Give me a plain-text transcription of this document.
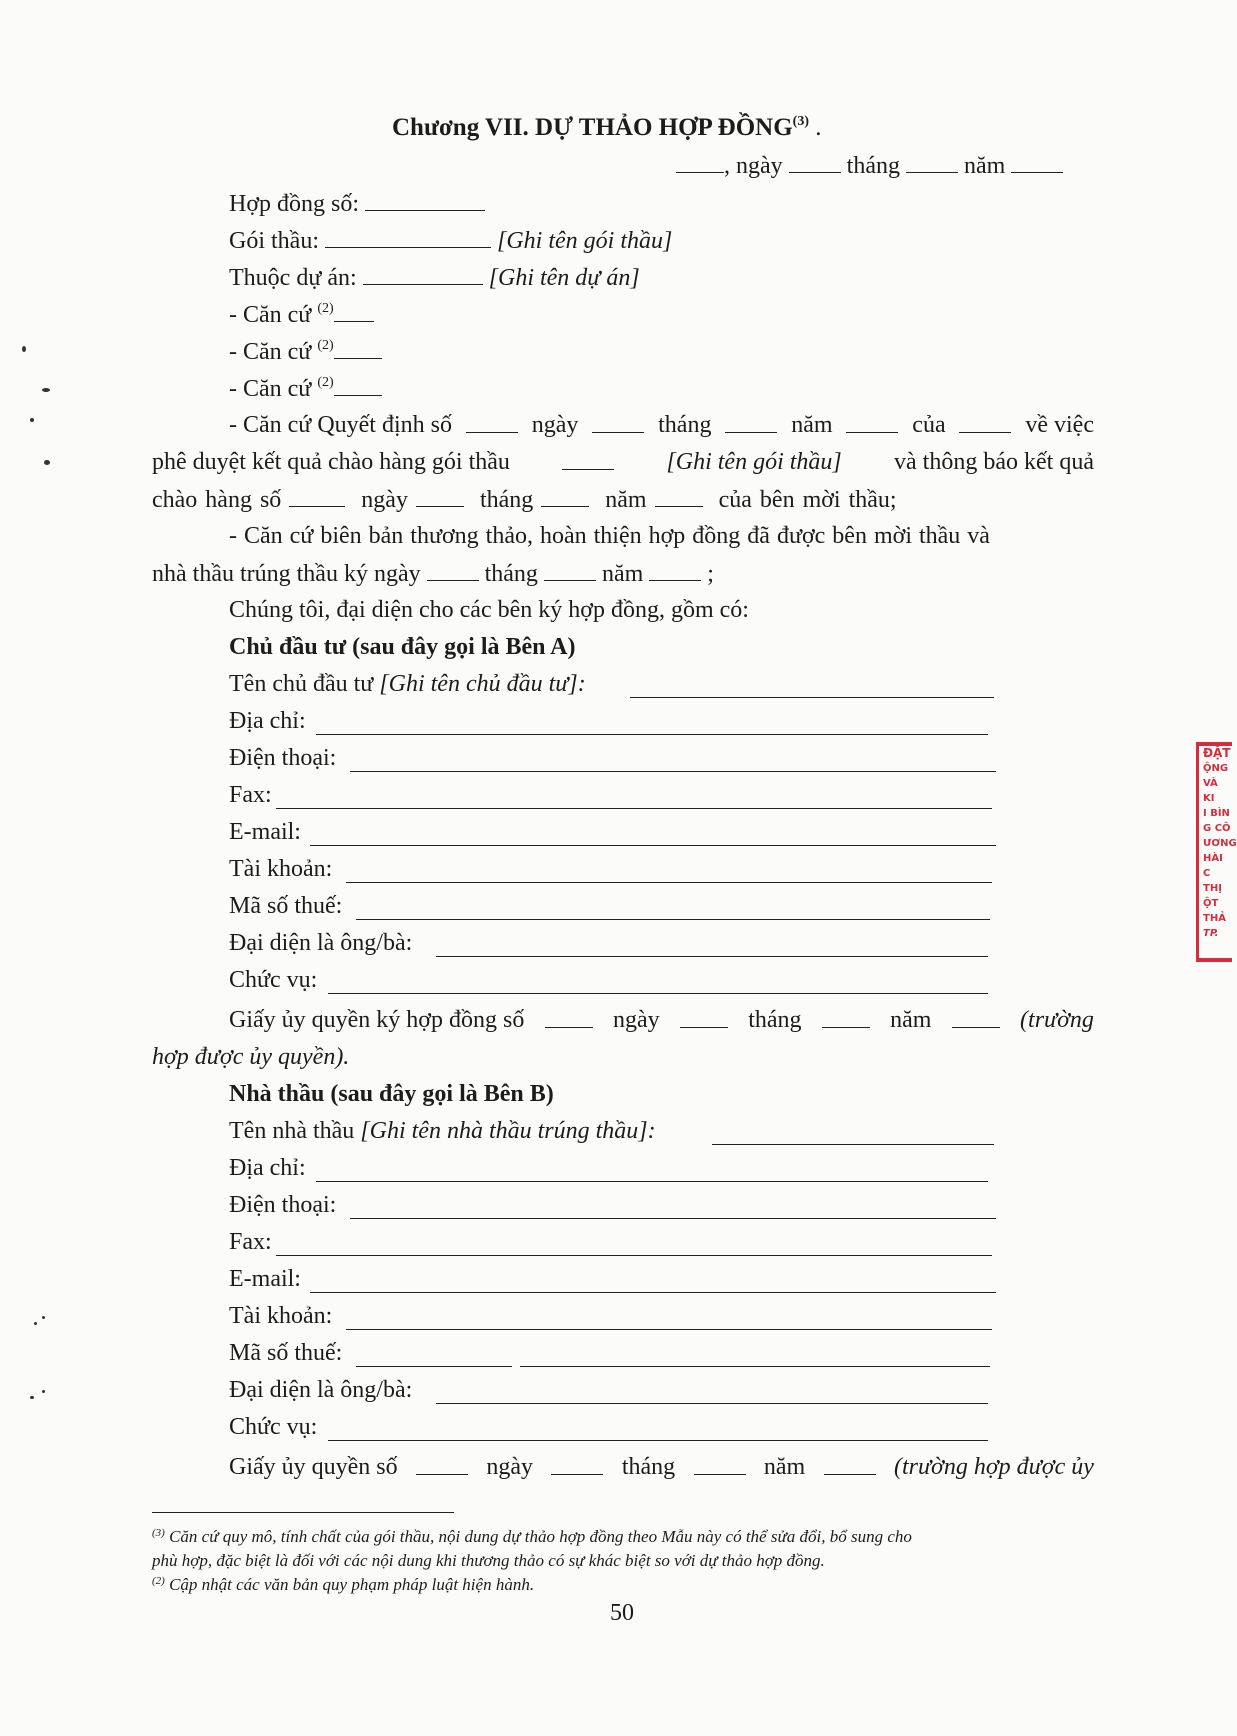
Chương VII. DỰ THẢO HỢP ĐỒNG$^{(3)}$ .
, ngày	tháng	năm
Hợp đồng số:
Gói thầu:	[Ghi tên gói thầu]
Thuộc dự án:	[Ghi tên dự án]
- Căn cứ $^{(2)}$
- Căn cứ $^{(2)}$
- Căn cứ $^{(2)}$
- Căn cứ Quyết định số	ngày	tháng	năm	của	về việc
phê duyệt kết quả chào hàng gói thầu	[Ghi tên gói thầu] và thông báo kết quả
chào hàng số	ngày	tháng	năm	của bên mời thầu;
- Căn cứ biên bản thương thảo, hoàn thiện hợp đồng đã được bên mời thầu và
nhà thầu trúng thầu ký ngày	tháng	năm	;
Chúng tôi, đại diện cho các bên ký hợp đồng, gồm có:
Chủ đầu tư (sau đây gọi là Bên A)
Tên chủ đầu tư [Ghi tên chủ đầu tư]:
Địa chỉ:
Điện thoại:
Fax:
E-mail:
Tài khoản:
Mã số thuế:
Đại diện là ông/bà:
Chức vụ:
Giấy ủy quyền ký hợp đồng số	ngày	tháng	năm	(trường
hợp được ủy quyền).
Nhà thầu (sau đây gọi là Bên B)
Tên nhà thầu [Ghi tên nhà thầu trúng thầu]:
Địa chỉ:
Điện thoại:
Fax:
E-mail:
Tài khoản:
Mã số thuế:
Đại diện là ông/bà:
Chức vụ:
Giấy ủy quyền số	ngày	tháng	năm	(trường hợp được ủy
$^{(3)}$ Căn cứ quy mô, tính chất của gói thầu, nội dung dự thảo hợp đồng theo Mẫu này có thể sửa đổi, bổ sung cho
phù hợp, đặc biệt là đối với các nội dung khi thương thảo có sự khác biệt so với dự thảo hợp đồng.
$^{(2)}$ Cập nhật các văn bản quy phạm pháp luật hiện hành.
50
ĐẶT
ỘNG
VÀ KI
I BÌN
G CÔ
ƯƠNG
HÀI C
THỊ
ỘT THẢ
TP.
